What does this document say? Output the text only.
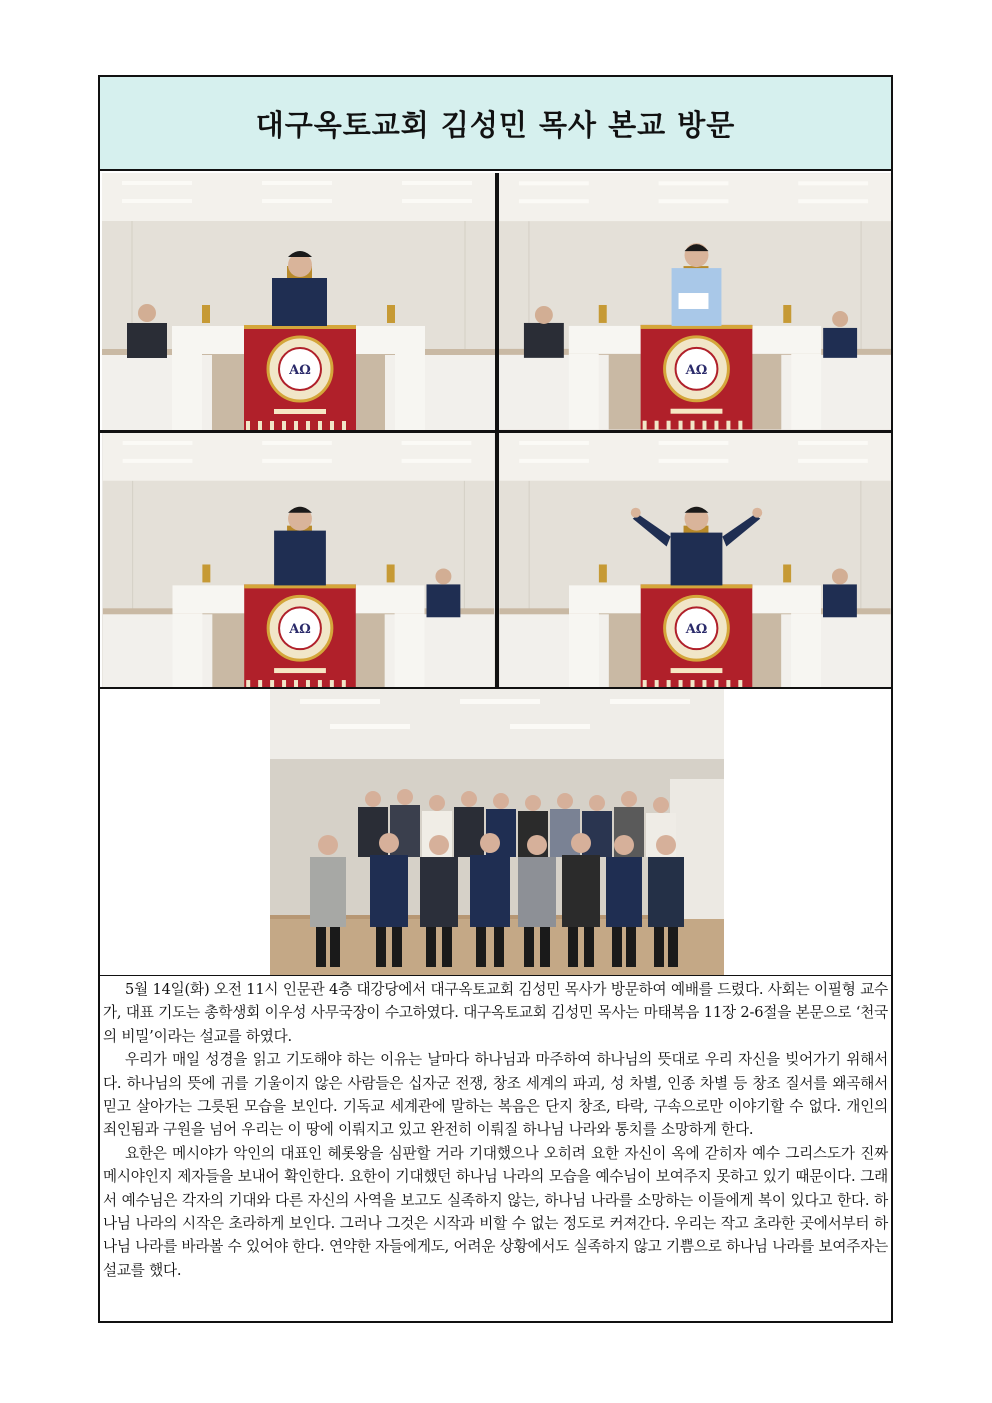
대구옥토교회 김성민 목사 본교 방문

5월 14일(화) 오전 11시 인문관 4층 대강당에서 대구옥토교회 김성민 목사가 방문하여 예배를 드렸다. 사회는 이필형 교수가, 대표 기도는 총학생회 이우성 사무국장이 수고하였다. 대구옥토교회 김성민 목사는 마태복음 11장 2-6절을 본문으로 ‘천국의 비밀’이라는 설교를 하였다.

우리가 매일 성경을 읽고 기도해야 하는 이유는 날마다 하나님과 마주하여 하나님의 뜻대로 우리 자신을 빚어가기 위해서다. 하나님의 뜻에 귀를 기울이지 않은 사람들은 십자군 전쟁, 창조 세계의 파괴, 성 차별, 인종 차별 등 창조 질서를 왜곡해서 믿고 살아가는 그릇된 모습을 보인다. 기독교 세계관에 말하는 복음은 단지 창조, 타락, 구속으로만 이야기할 수 없다. 개인의 죄인됨과 구원을 넘어 우리는 이 땅에 이뤄지고 있고 완전히 이뤄질 하나님 나라와 통치를 소망하게 한다.

요한은 메시야가 악인의 대표인 헤롯왕을 심판할 거라 기대했으나 오히려 요한 자신이 옥에 갇히자 예수 그리스도가 진짜 메시야인지 제자들을 보내어 확인한다. 요한이 기대했던 하나님 나라의 모습을 예수님이 보여주지 못하고 있기 때문이다. 그래서 예수님은 각자의 기대와 다른 자신의 사역을 보고도 실족하지 않는, 하나님 나라를 소망하는 이들에게 복이 있다고 한다. 하나님 나라의 시작은 초라하게 보인다. 그러나 그것은 시작과 비할 수 없는 정도로 커져간다. 우리는 작고 초라한 곳에서부터 하나님 나라를 바라볼 수 있어야 한다. 연약한 자들에게도, 어려운 상황에서도 실족하지 않고 기쁨으로 하나님 나라를 보여주자는 설교를 했다.
